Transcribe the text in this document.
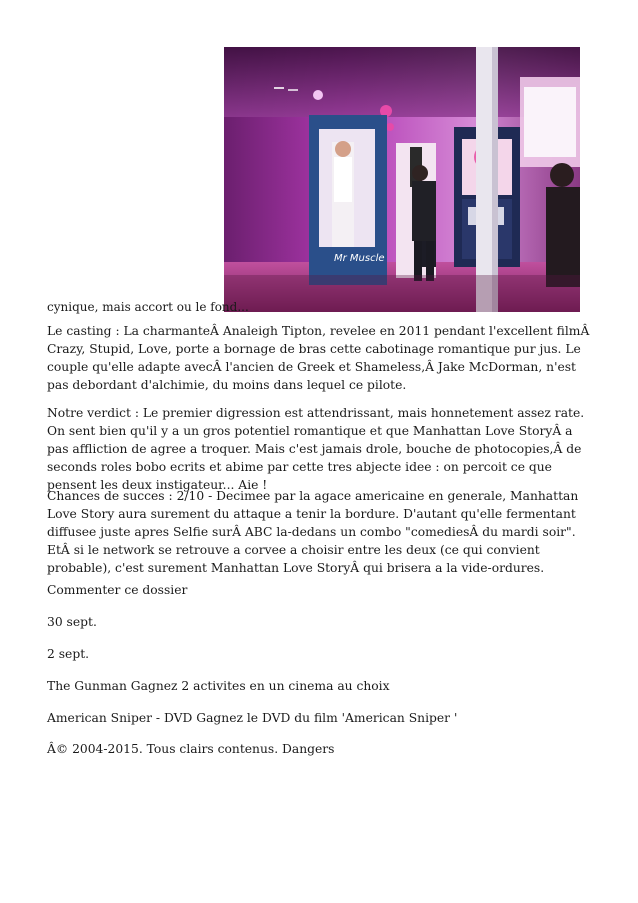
Mr Muscle
cynique, mais accort ou le fond...

Le casting : La charmanteÂ Analeigh Tipton, revelee en 2011 pendant l'excellent filmÂ Crazy, Stupid, Love, porte a bornage de bras cette cabotinage romantique pur jus. Le couple qu'elle adapte avecÂ l'ancien de Greek et Shameless,Â Jake McDorman, n'est pas debordant d'alchimie, du moins dans lequel ce pilote.

Notre verdict : Le premier digression est attendrissant, mais honnetement assez rate. On sent bien qu'il y a un gros potentiel romantique et que Manhattan Love StoryÂ a pas affliction de agree a troquer. Mais c'est jamais drole, bouche de photocopies,Â de seconds roles bobo ecrits et abime par cette tres abjecte idee : on percoit ce que pensent les deux instigateur... Aie !

Chances de succes : 2/10 - Decimee par la agace americaine en generale, Manhattan Love Story aura surement du attaque a tenir la bordure. D'autant qu'elle fermentant diffusee juste apres Selfie surÂ ABC la-dedans un combo "comediesÂ du mardi soir". EtÂ si le network se retrouve a corvee a choisir entre les deux (ce qui convient probable), c'est surement Manhattan Love StoryÂ qui brisera a la vide-ordures.

Commenter ce dossier

30 sept.

2 sept.

The Gunman Gagnez 2 activites en un cinema au choix

American Sniper - DVD Gagnez le DVD du film 'American Sniper '

Â© 2004-2015. Tous clairs contenus. Dangers
